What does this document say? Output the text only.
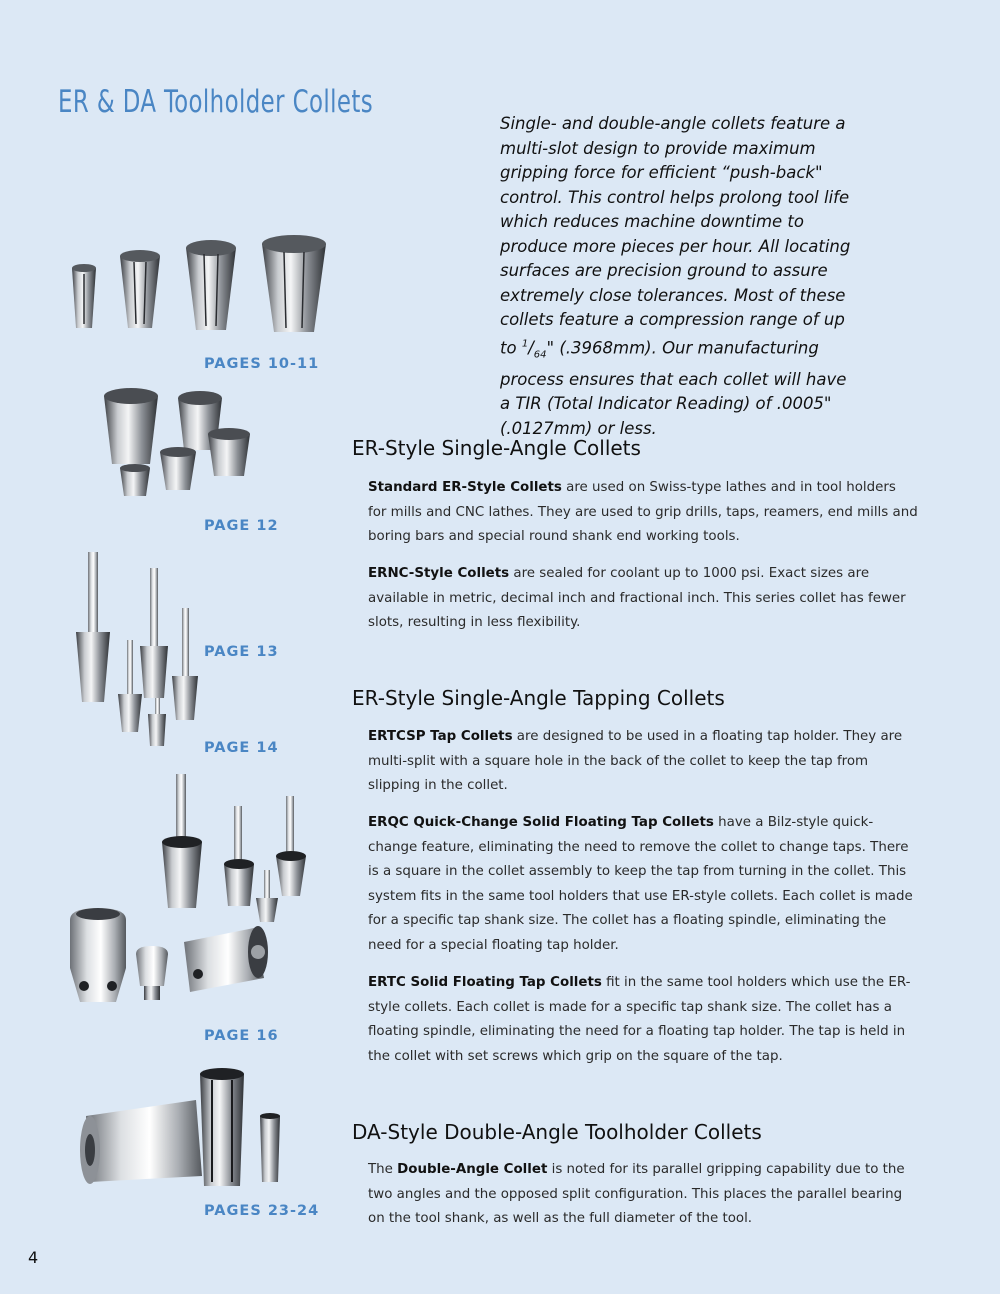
ER & DA Toolholder Collets
Single- and double-angle collets feature a multi-slot design to provide maximum gripping force for efficient “push-back" control. This control helps prolong tool life which reduces machine downtime to produce more pieces per hour. All locating surfaces are precision ground to assure extremely close tolerances. Most of these collets feature a compression range of up to $^1/_{64}$" (.3968mm). Our manufacturing process ensures that each collet will have a TIR (Total Indicator Reading) of .0005" (.0127mm) or less.
PAGES 10-11
PAGE 12
PAGE 13
PAGE 14
PAGE 16
PAGES 23-24
ER-Style Single-Angle Collets
Standard ER-Style Collets are used on Swiss-type lathes and in tool holders for mills and CNC lathes. They are used to grip drills, taps, reamers, end mills and boring bars and special round shank end working tools.
ERNC-Style Collets are sealed for coolant up to 1000 psi. Exact sizes are available in metric, decimal inch and fractional inch. This series collet has fewer slots, resulting in less flexibility.
ER-Style Single-Angle Tapping Collets
ERTCSP Tap Collets are designed to be used in a floating tap holder. They are multi-split with a square hole in the back of the collet to keep the tap from slipping in the collet.
ERQC Quick-Change Solid Floating Tap Collets have a Bilz-style quick-change feature, eliminating the need to remove the collet to change taps. There is a square in the collet assembly to keep the tap from turning in the collet. This system fits in the same tool holders that use ER-style collets. Each collet is made for a specific tap shank size. The collet has a floating spindle, eliminating the need for a special floating tap holder.
ERTC Solid Floating Tap Collets fit in the same tool holders which use the ER-style collets. Each collet is made for a specific tap shank size. The collet has a floating spindle, eliminating the need for a floating tap holder. The tap is held in the collet with set screws which grip on the square of the tap.
DA-Style Double-Angle Toolholder Collets
The Double-Angle Collet is noted for its parallel gripping capability due to the two angles and the opposed split configuration. This places the parallel bearing on the tool shank, as well as the full diameter of the tool.
4
